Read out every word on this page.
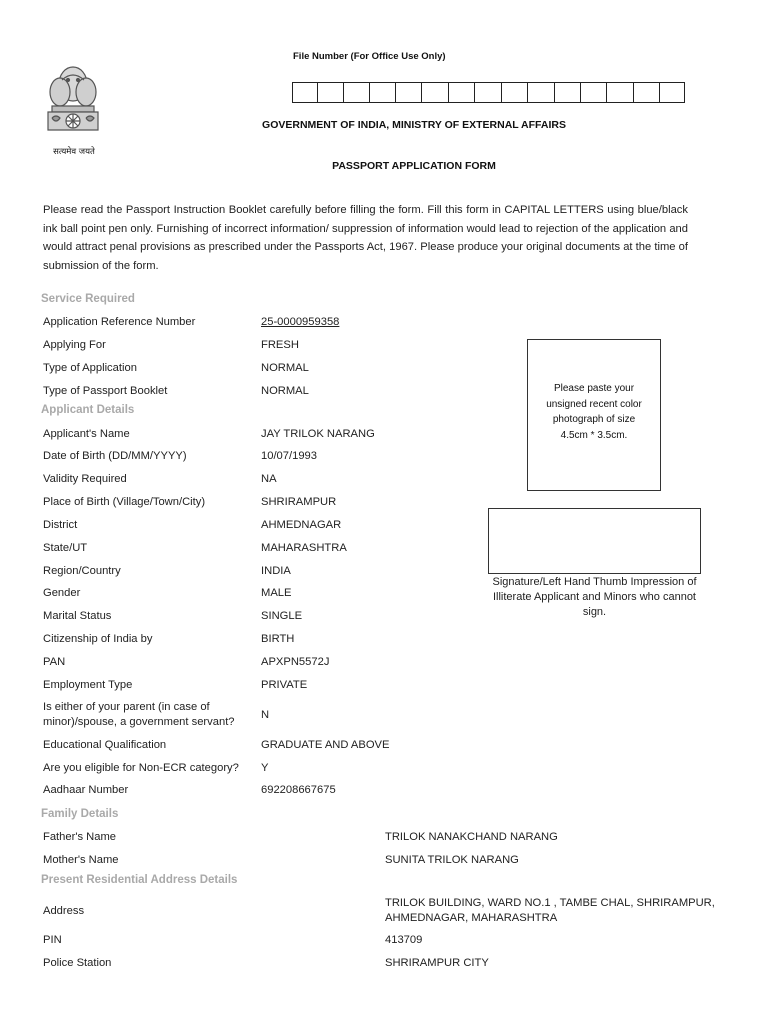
सत्यमेव जयते
File Number (For Office Use Only)
GOVERNMENT OF INDIA, MINISTRY OF EXTERNAL AFFAIRS
PASSPORT APPLICATION FORM
Please read the Passport Instruction Booklet carefully before filling the form. Fill this form in CAPITAL LETTERS using blue/black ink ball point pen only. Furnishing of incorrect information/ suppression of information would lead to rejection of the application and would attract penal provisions as prescribed under the Passports Act, 1967. Please produce your original documents at the time of submission of the form.
Service Required
Application Reference Number	25-0000959358
Applying For	FRESH
Type of Application	NORMAL
Type of Passport Booklet	NORMAL
Applicant Details
Applicant's Name	JAY TRILOK NARANG
Date of Birth (DD/MM/YYYY)	10/07/1993
Validity Required	NA
Place of Birth (Village/Town/City)	SHRIRAMPUR
District	AHMEDNAGAR
State/UT	MAHARASHTRA
Region/Country	INDIA
Gender	MALE
Marital Status	SINGLE
Citizenship of India by	BIRTH
PAN	APXPN5572J
Employment Type	PRIVATE
Is either of your parent (in case of minor)/spouse, a government servant?
N
Educational Qualification	GRADUATE AND ABOVE
Are you eligible for Non-ECR category? Y
Aadhaar Number	692208667675
Please paste your unsigned recent color photograph of size 4.5cm * 3.5cm.
Signature/Left Hand Thumb Impression of Illiterate Applicant and Minors who cannot sign.
Family Details
Father's Name	TRILOK NANAKCHAND NARANG
Mother's Name	SUNITA TRILOK NARANG
Present Residential Address Details
Address
TRILOK BUILDING, WARD NO.1 , TAMBE CHAL, SHRIRAMPUR, AHMEDNAGAR, MAHARASHTRA
PIN	413709
Police Station	SHRIRAMPUR CITY
